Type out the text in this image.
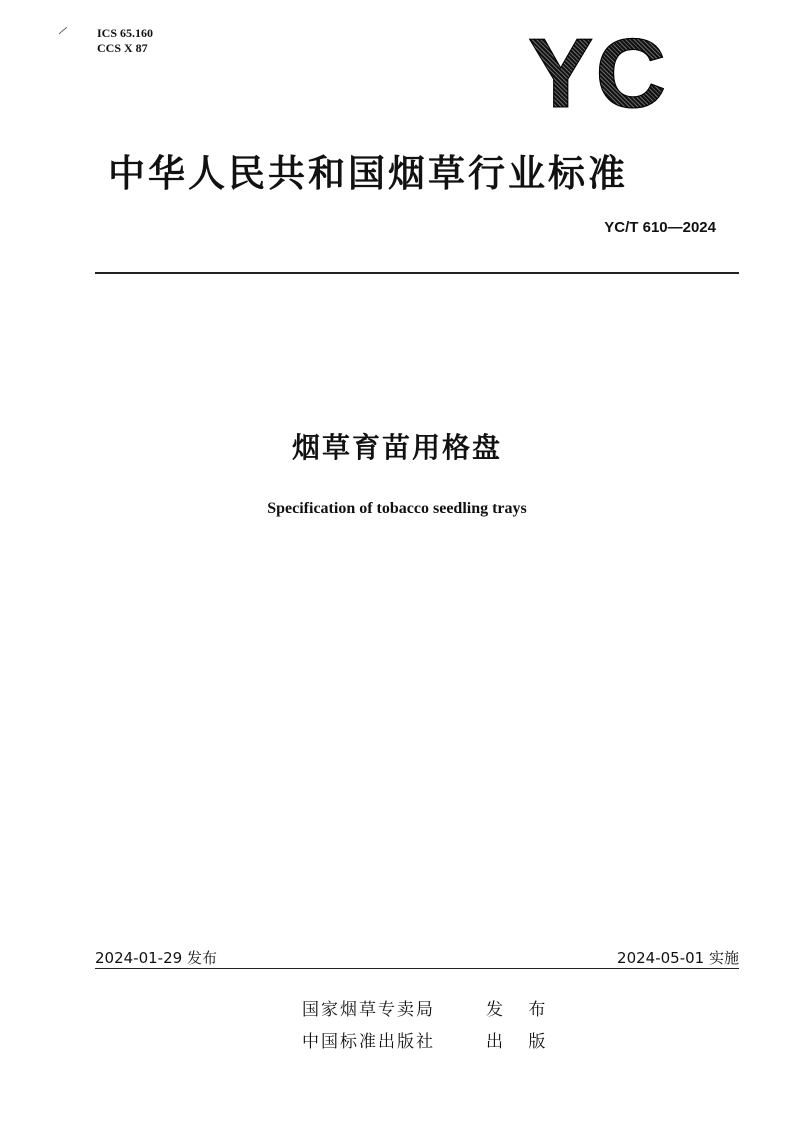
ICS 65.160
CCS X 87	YC
中华人民共和国烟草行业标准
YC/T 610—2024
烟草育苗用格盘
Specification of tobacco seedling trays
2024-01-29 发布	2024-05-01 实施
国家烟草专卖局	发 布
中国标准出版社	出 版
